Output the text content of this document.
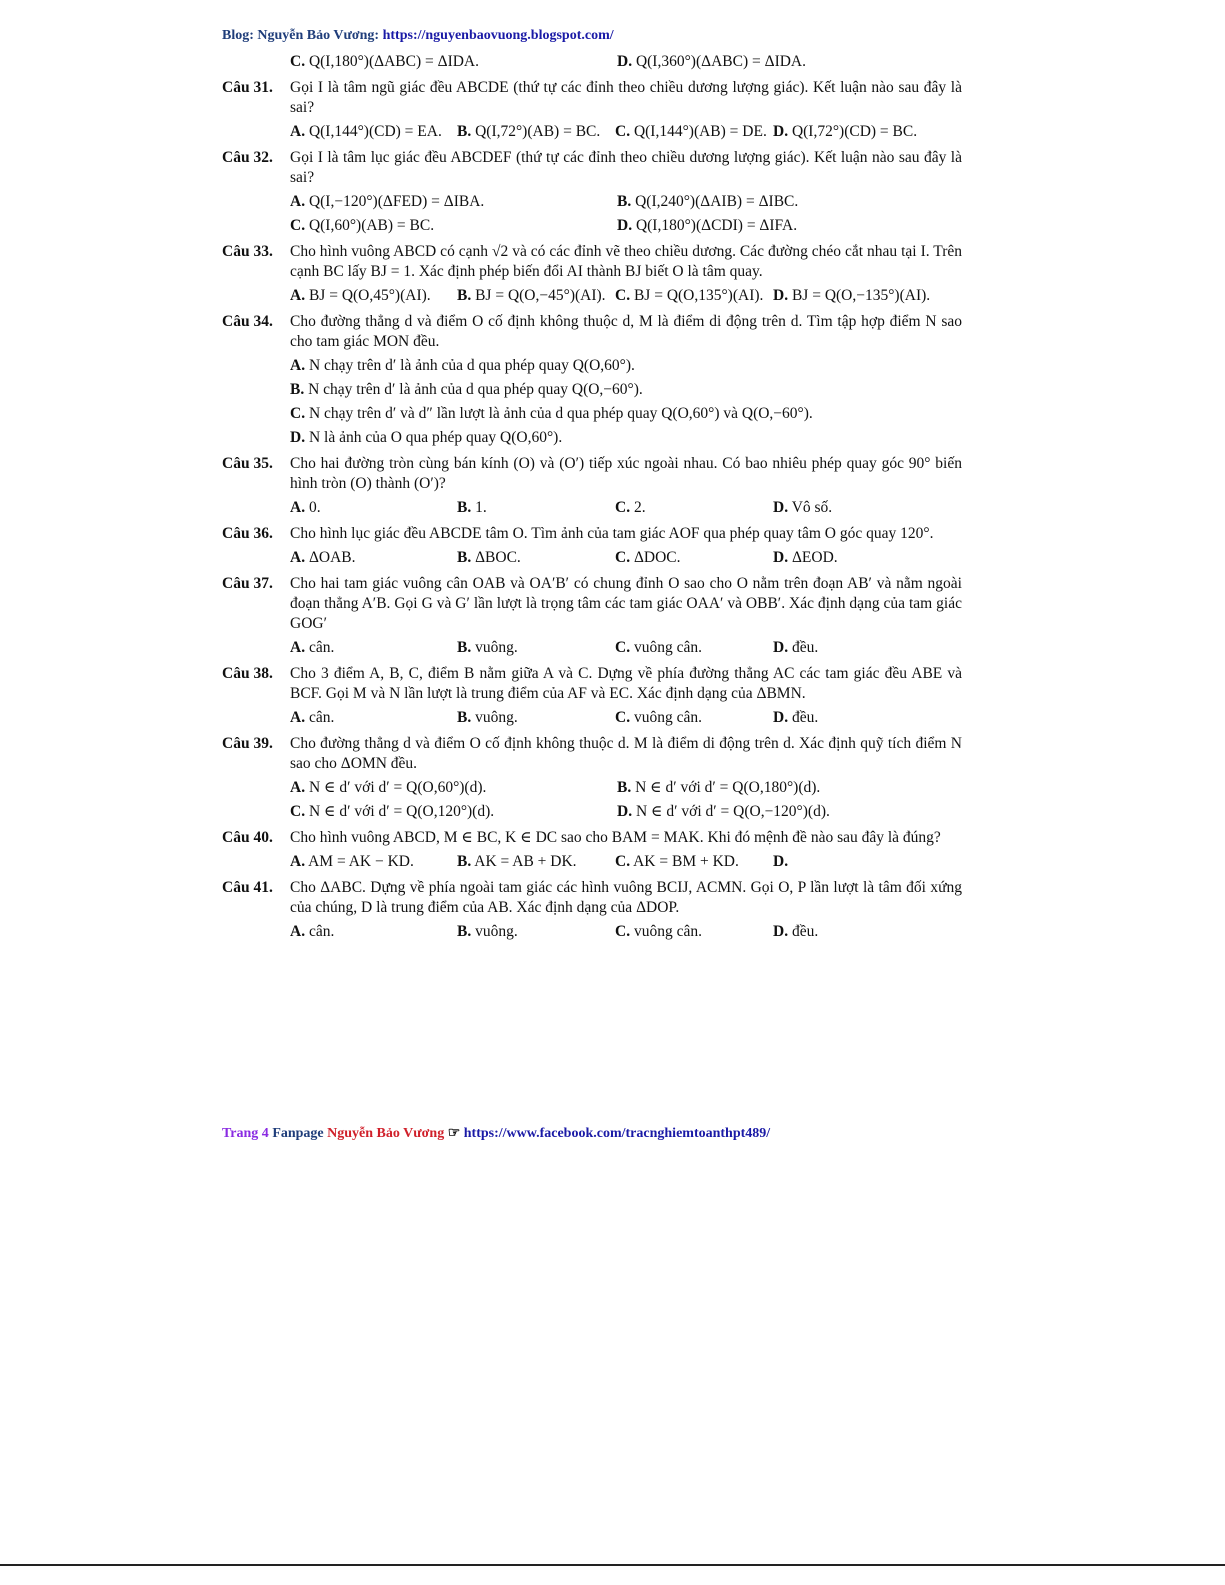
Blog: Nguyễn Bảo Vương: https://nguyenbaovuong.blogspot.com/
C. Q(I,180°)(ΔABC) = ΔIDA.	D. Q(I,360°)(ΔABC) = ΔIDA.
Câu 31.	Gọi I là tâm ngũ giác đều ABCDE (thứ tự các đỉnh theo chiều dương lượng giác). Kết luận nào sau đây là sai?
A. Q(I,144°)(CD) = EA. B. Q(I,72°)(AB) = BC. C. Q(I,144°)(AB) = DE. D. Q(I,72°)(CD) = BC.
Câu 32.	Gọi I là tâm lục giác đều ABCDEF (thứ tự các đỉnh theo chiều dương lượng giác). Kết luận nào sau đây là sai?
A. Q(I,−120°)(ΔFED) = ΔIBA.	B. Q(I,240°)(ΔAIB) = ΔIBC.
C. Q(I,60°)(AB) = BC.	D. Q(I,180°)(ΔCDI) = ΔIFA.
Câu 33.	Cho hình vuông ABCD có cạnh √2 và có các đỉnh vẽ theo chiều dương. Các đường chéo cắt nhau tại I. Trên cạnh BC lấy BJ = 1. Xác định phép biến đổi AI thành BJ biết O là tâm quay.
A. BJ = Q(O,45°)(AI).	B. BJ = Q(O,−45°)(AI). C. BJ = Q(O,135°)(AI). D. BJ = Q(O,−135°)(AI).
Câu 34.	Cho đường thẳng d và điểm O cố định không thuộc d, M là điểm di động trên d. Tìm tập hợp điểm N sao cho tam giác MON đều.
A. N chạy trên d′ là ảnh của d qua phép quay Q(O,60°).
B. N chạy trên d′ là ảnh của d qua phép quay Q(O,−60°).
C. N chạy trên d′ và d″ lần lượt là ảnh của d qua phép quay Q(O,60°) và Q(O,−60°).
D. N là ảnh của O qua phép quay Q(O,60°).
Câu 35.	Cho hai đường tròn cùng bán kính (O) và (O′) tiếp xúc ngoài nhau. Có bao nhiêu phép quay góc 90° biến hình tròn (O) thành (O′)?
A. 0.	B. 1.	C. 2.	D. Vô số.
Câu 36.	Cho hình lục giác đều ABCDE tâm O. Tìm ảnh của tam giác AOF qua phép quay tâm O góc quay 120°.
A. ΔOAB.	B. ΔBOC.	C. ΔDOC.	D. ΔEOD.
Câu 37.	Cho hai tam giác vuông cân OAB và OA′B′ có chung đỉnh O sao cho O nằm trên đoạn AB′ và nằm ngoài đoạn thẳng A′B. Gọi G và G′ lần lượt là trọng tâm các tam giác OAA′ và OBB′. Xác định dạng của tam giác GOG′
A. cân.	B. vuông.	C. vuông cân.	D. đều.
Câu 38.	Cho 3 điểm A, B, C, điểm B nằm giữa A và C. Dựng về phía đường thẳng AC các tam giác đều ABE và BCF. Gọi M và N lần lượt là trung điểm của AF và EC. Xác định dạng của ΔBMN.
A. cân.	B. vuông.	C. vuông cân.	D. đều.
Câu 39.	Cho đường thẳng d và điểm O cố định không thuộc d. M là điểm di động trên d. Xác định quỹ tích điểm N sao cho ΔOMN đều.
A. N ∈ d′ với d′ = Q(O,60°)(d).	B. N ∈ d′ với d′ = Q(O,180°)(d).
C. N ∈ d′ với d′ = Q(O,120°)(d).	D. N ∈ d′ với d′ = Q(O,−120°)(d).
Câu 40.	Cho hình vuông ABCD, M ∈ BC, K ∈ DC sao cho BAM = MAK. Khi đó mệnh đề nào sau đây là đúng?
A. AM = AK − KD.	B. AK = AB + DK.	C. AK = BM + KD.	D.
Câu 41.	Cho ΔABC. Dựng về phía ngoài tam giác các hình vuông BCIJ, ACMN. Gọi O, P lần lượt là tâm đối xứng của chúng, D là trung điểm của AB. Xác định dạng của ΔDOP.
A. cân.	B. vuông.	C. vuông cân.	D. đều.
Trang 4 Fanpage Nguyễn Bảo Vương ☞ https://www.facebook.com/tracnghiemtoanthpt489/
